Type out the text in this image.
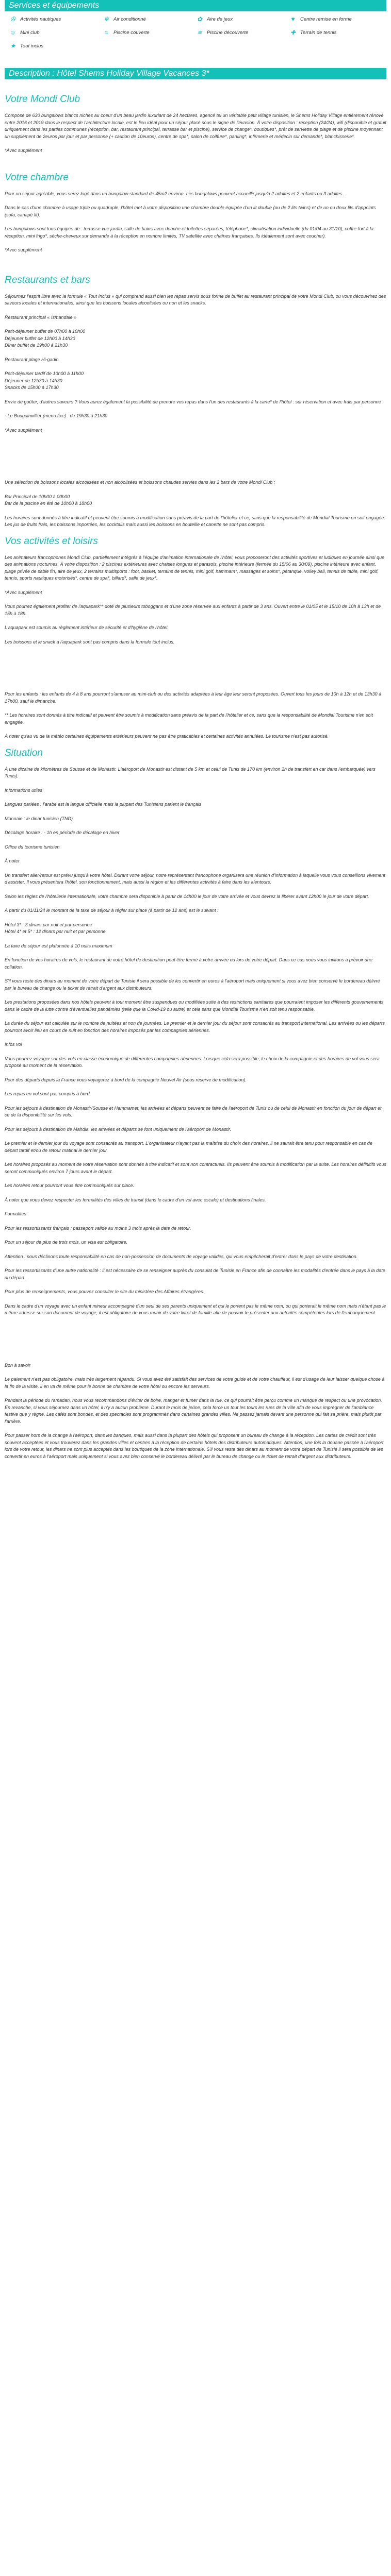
Services et équipements
✇ Activités nautiques	❄ Air conditionné	✿ Aire de jeux	♥	Centre remise en forme
☺ Mini club	≈	Piscine couverte	≋ Piscine découverte	✚ Terrain de tennis
★ Tout inclus
Description : Hôtel Shems Holiday Village Vacances 3*
Votre Mondi Club

Composé de 630 bungalows blancs nichés au coeur d'un beau jardin luxuriant de 24 hectares, agencé tel un véritable petit village tunisien, le Shems Holiday Village entièrement rénové entre 2016 et 2019 dans le respect de l'architecture locale, est le lieu idéal pour un séjour placé sous le signe de l'évasion. À votre disposition : réception (24/24), wifi (disponible et gratuit uniquement dans les parties communes (réception, bar, restaurant principal, terrasse bar et piscine), service de change*, boutiques*, prêt de serviette de plage et de piscine moyennant un supplément de 2euros par jour et par personne (+ caution de 10euros), centre de spa*, salon de coiffure*, parking*, infirmerie et médecin sur demande*, blanchisserie*.

*Avec supplément

Votre chambre

Pour un séjour agréable, vous serez logé dans un bungalow standard de 45m2 environ. Les bungalows peuvent accueillir jusqu'à 2 adultes et 2 enfants ou 3 adultes.

Dans le cas d'une chambre à usage triple ou quadruple, l'hôtel met à votre disposition une chambre double équipée d'un lit double (ou de 2 lits twins) et de un ou deux lits d'appoints (sofa, canapé lit).

Les bungalows sont tous équipés de : terrasse vue jardin, salle de bains avec douche et toilettes séparées, téléphone*, climatisation individuelle (du 01/04 au 31/10), coffre-fort à la réception, mini frigo*, sèche-cheveux sur demande à la réception en nombre limités, TV satellite avec chaînes françaises. Ils idéalement sont avec coucher).

*Avec supplément

Restaurants et bars

Séjournez l'esprit libre avec la formule « Tout Inclus » qui comprend aussi bien les repas servis sous forme de buffet au restaurant principal de votre Mondi Club, ou vous découvrirez des saveurs locales et internationales, ainsi que les boissons locales alcoolisées ou non et les snacks.

Restaurant principal « Ismandale »

Petit-déjeuner buffet de 07h00 à 10h00
Déjeuner buffet de 12h00 à 14h30
Dîner buffet de 19h00 à 21h30

Restaurant plage Hi-gadin

Petit-déjeuner tardif de 10h00 à 11h00
Déjeuner de 12h30 à 14h30
Snacks de 15h00 à 17h30

Envie de goûter, d'autres saveurs ? Vous aurez également la possibilité de prendre vos repas dans l'un des restaurants à la carte* de l'hôtel : sur réservation et avec frais par personne

- Le Bougainvillier (menu fixe) : de 19h30 à 21h30

*Avec supplément

Une sélection de boissons locales alcoolisées et non alcoolisées et boissons chaudes servies dans les 2 bars de votre Mondi Club :

Bar Principal de 10h00 à 00h00
Bar de la piscine en été de 10h00 à 18h00

Les horaires sont donnés à titre indicatif et peuvent être soumis à modification sans préavis de la part de l'hôtelier et ce, sans que la responsabilité de Mondial Tourisme en soit engagée. Les jus de fruits frais, les boissons importées, les cocktails mais aussi les boissons en bouteille et canette ne sont pas compris.

Vos activités et loisirs

Les animateurs francophones Mondi Club, partiellement intégrés à l'équipe d'animation internationale de l'hôtel, vous proposeront des activités sportives et ludiques en journée ainsi que des animations nocturnes. À votre disposition : 2 piscines extérieures avec chaises longues et parasols, piscine intérieure (fermée du 15/06 au 30/09), piscine intérieure avec enfant, plage privée de sable fin, aire de jeux, 2 terrains multisports : foot, basket, terrains de tennis, mini golf, hammam*, massages et soins*, pétanque, volley ball, tennis de table, mini golf, tennis, sports nautiques motorisés*, centre de spa*, billard*, salle de jeux*.

*Avec supplément

Vous pourrez également profiter de l'aquapark** doté de plusieurs toboggans et d'une zone réservée aux enfants à partir de 3 ans. Ouvert entre le 01/05 et le 15/10 de 10h à 13h et de 15h à 18h.

L'aquapark est soumis au règlement intérieur de sécurité et d'hygiène de l'hôtel.

Les boissons et le snack à l'aquapark sont pas compris dans la formule tout inclus.

Pour les enfants : les enfants de 4 à 8 ans pourront s'amuser au mini-club ou des activités adaptées à leur âge leur seront proposées. Ouvert tous les jours de 10h à 12h et de 13h30 à 17h00, sauf le dimanche.

** Les horaires sont donnés à titre indicatif et peuvent être soumis à modification sans préavis de la part de l'hôtelier et ce, sans que la responsabilité de Mondial Tourisme n'en soit engagée.

À noter qu'au vu de la météo certaines équipements extérieurs peuvent ne pas être praticables et certaines activités annulées. Le tourisme n'est pas autorisé.

Situation

À une dizaine de kilomètres de Sousse et de Monastir. L'aéroport de Monastir est distant de 5 km et celui de Tunis de 170 km (environ 2h de transfert en car dans l'embarquée) vers Tunis).

Informations utiles

Langues parlées : l'arabe est la langue officielle mais la plupart des Tunisiens parlent le français

Monnaie : le dinar tunisien (TND)

Décalage horaire : - 1h en période de décalage en hiver

Office du tourisme tunisien

À noter

Un transfert aller/retour est prévu jusqu'à votre hôtel. Durant votre séjour, notre représentant francophone organisera une réunion d'information à laquelle vous vous conseillons vivement d'assister. Il vous présentera l'hôtel, son fonctionnement, mais aussi la région et les différentes activités à faire dans les alentours.

Selon les règles de l'hôtellerie internationale, votre chambre sera disponible à partir de 14h00 le jour de votre arrivée et vous devrez la libérer avant 12h00 le jour de votre départ.

À partir du 01/11/24 le montant de la taxe de séjour à régler sur place (à partir de 12 ans) est le suivant :

Hôtel 3* : 3 dinars par nuit et par personne
Hôtel 4* et 5* : 12 dinars par nuit et par personne

La taxe de séjour est plafonnée à 10 nuits maximum

En fonction de vos horaires de vols, le restaurant de votre hôtel de destination peut être fermé à votre arrivée ou lors de votre départ. Dans ce cas nous vous invitons à prévoir une collation.

S'il vous reste des dinars au moment de votre départ de Tunisie il sera possible de les convertir en euros à l'aéroport mais uniquement si vous avez bien conservé le bordereau délivré par le bureau de change ou le ticket de retrait d'argent aux distributeurs.

Les prestations proposées dans nos hôtels peuvent à tout moment être suspendues ou modifiées suite à des restrictions sanitaires que pourraient imposer les différents gouvernements dans le cadre de la lutte contre d'éventuelles pandémies (telle que la Covid-19 ou autre) et cela sans que Mondial Tourisme n'en soit tenu responsable.

La durée du séjour est calculée sur le nombre de nuitées et non de journées. Le premier et le dernier jour du séjour sont consacrés au transport international. Les arrivées ou les départs pourront avoir lieu en cours de nuit en fonction des horaires imposés par les compagnies aériennes.

Infos vol

Vous pourrez voyager sur des vols en classe économique de différentes compagnies aériennes. Lorsque cela sera possible, le choix de la compagnie et des horaires de vol vous sera proposé au moment de la réservation.

Pour des départs depuis la France vous voyagerez à bord de la compagnie Nouvel Air (sous réserve de modification).

Les repas en vol sont pas compris à bord.

Pour les séjours à destination de Monastir/Sousse et Hammamet, les arrivées et départs peuvent se faire de l'aéroport de Tunis ou de celui de Monastir en fonction du jour de départ et ce de la disponibilité sur les vols.

Pour les séjours à destination de Mahdia, les arrivées et départs se font uniquement de l'aéroport de Monastir.

Le premier et le dernier jour du voyage sont consacrés au transport. L'organisateur n'ayant pas la maîtrise du choix des horaires, il ne saurait être tenu pour responsable en cas de départ tardif et/ou de retour matinal le dernier jour.

Les horaires proposés au moment de votre réservation sont donnés à titre indicatif et sont non contractuels. Ils peuvent être soumis à modification par la suite. Les horaires définitifs vous seront communiqués environ 7 jours avant le départ.

Les horaires retour pourront vous être communiqués sur place.

À noter que vous devez respecter les formalités des villes de transit (dans le cadre d'un vol avec escale) et destinations finales.

Formalités

Pour les ressortissants français : passeport valide au moins 3 mois après la date de retour.

Pour un séjour de plus de trois mois, un visa est obligatoire.

Attention : nous déclinons toute responsabilité en cas de non-possession de documents de voyage valides, qui vous empêcherait d'entrer dans le pays de votre destination.

Pour les ressortissants d'une autre nationalité : il est nécessaire de se renseigner auprès du consulat de Tunisie en France afin de connaître les modalités d'entrée dans le pays à la date du départ.

Pour plus de renseignements, vous pouvez consulter le site du ministère des Affaires étrangères.

Dans le cadre d'un voyage avec un enfant mineur accompagné d'un seul de ses parents uniquement et qui le portent pas le même nom, ou qui porterait le même nom mais n'étant pas le même adresse sur son document de voyage, il est obligatoire de vous munir de votre livret de famille afin de pouvoir le présenter aux autorités compétentes lors de l'embarquement.

Bon à savoir

Le paiement n'est pas obligatoire, mais très largement répandu. Si vous avez été satisfait des services de votre guide et de votre chauffeur, il est d'usage de leur laisser quelque chose à la fin de la visite, il en va de même pour le bonne de chambre de votre hôtel ou encore les serveurs.

Pendant la période du ramadan, nous vous recommandons d'éviter de boire, manger et fumer dans la rue, ce qui pourrait être perçu comme un manque de respect ou une provocation. En revanche, si vous séjournez dans un hôtel, il n'y a aucun problème. Durant le mois de jeûne, cela force un tout les tours les rues de la ville afin de vous imprégner de l'ambiance festive que y règne. Les cafés sont bondés, et des spectacles sont programmés dans certaines grandes villes. Ne passez jamais devant une personne qui fait sa prière, mais plutôt par l'arrière.

Pour passer hors de la change à l'aéroport, dans les banques, mais aussi dans la plupart des hôtels qui proposent un bureau de change à la réception. Les cartes de crédit sont très souvent acceptées et vous trouverez dans les grandes villes et centres à la réception de certains hôtels des distributeurs automatiques. Attention, une fois la douane passée à l'aéroport lors de votre retour, les dinars ne sont plus acceptés dans les boutiques de la zone internationale. S'il vous reste des dinars au moment de votre départ de Tunisie il sera possible de les convertir en euros à l'aéroport mais uniquement si vous avez bien conservé le bordereau délivré par le bureau de change ou le ticket de retrait d'argent aux distributeurs.
